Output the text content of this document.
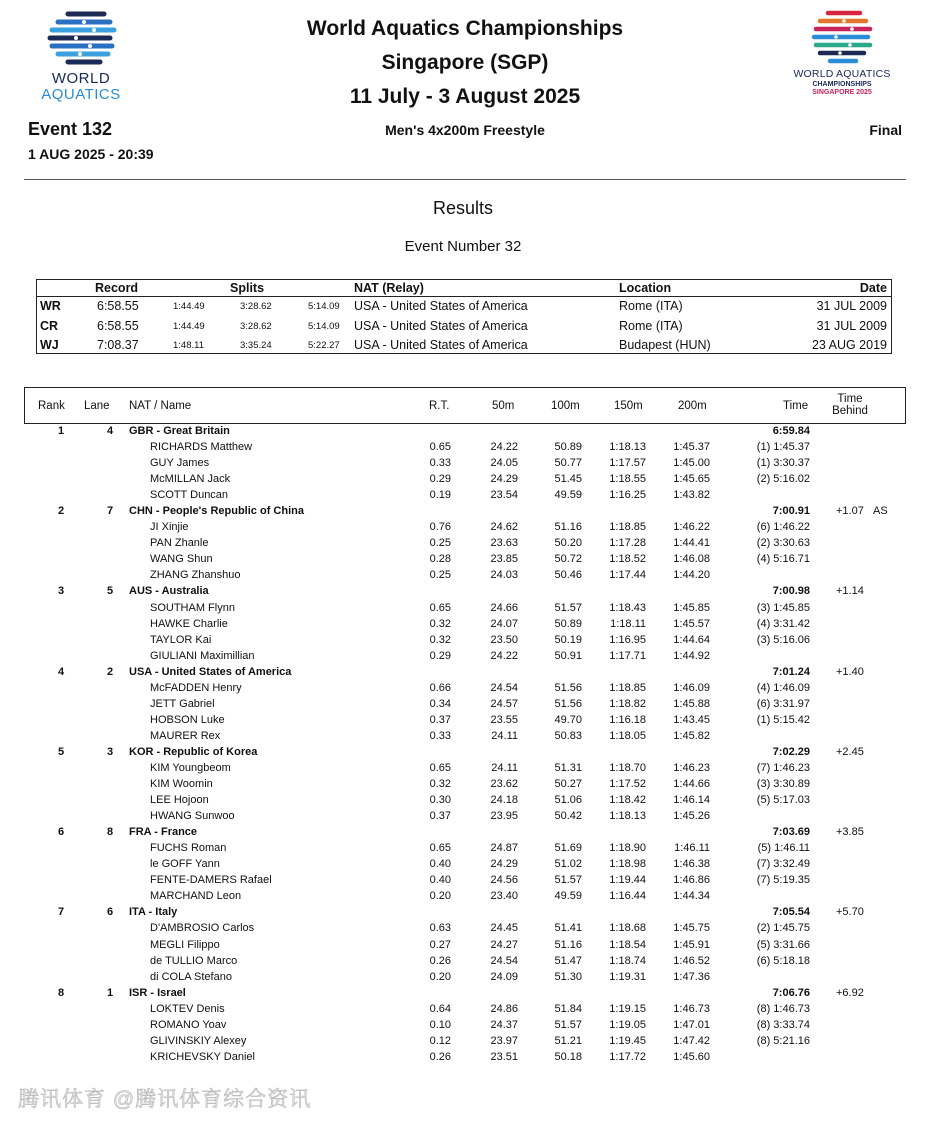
WORLD
AQUATICS
WORLD AQUATICS
CHAMPIONSHIPS
SINGAPORE 2025
World Aquatics Championships
Singapore (SGP)
11 July - 3 August 2025
Event 132
1 AUG 2025 - 20:39
Men's 4x200m Freestyle	Final
Results
Event Number 32
Record	Splits	NAT (Relay)	Location	Date
WR	6:58.55	1:44.49	3:28.62	5:14.09 USA - United States of America	Rome (ITA)	31 JUL 2009
CR	6:58.55	1:44.49	3:28.62	5:14.09 USA - United States of America	Rome (ITA)	31 JUL 2009
WJ	7:08.37	1:48.11	3:35.24	5:22.27 USA - United States of America	Budapest (HUN)	23 AUG 2019
Rank Lane NAT / Name	R.T.	50m	100m	150m	200m	Time
Time
Behind
1	4 GBR - Great Britain	6:59.84
RICHARDS Matthew	0.65	24.22	50.89 1:18.13 1:45.37	(1) 1:45.37
GUY James	0.33	24.05	50.77 1:17.57 1:45.00	(1) 3:30.37
McMILLAN Jack	0.29	24.29	51.45 1:18.55 1:45.65	(2) 5:16.02
SCOTT Duncan	0.19	23.54	49.59 1:16.25 1:43.82
2	7 CHN - People's Republic of China	7:00.91 +1.07 AS
JI Xinjie	0.76	24.62	51.16 1:18.85 1:46.22	(6) 1:46.22
PAN Zhanle	0.25	23.63	50.20 1:17.28 1:44.41	(2) 3:30.63
WANG Shun	0.28	23.85	50.72 1:18.52 1:46.08	(4) 5:16.71
ZHANG Zhanshuo	0.25	24.03	50.46 1:17.44 1:44.20
3	5 AUS - Australia	7:00.98 +1.14
SOUTHAM Flynn	0.65	24.66	51.57 1:18.43 1:45.85	(3) 1:45.85
HAWKE Charlie	0.32	24.07	50.89	1:18.11 1:45.57	(4) 3:31.42
TAYLOR Kai	0.32	23.50	50.19 1:16.95 1:44.64	(3) 5:16.06
GIULIANI Maximillian	0.29	24.22	50.91 1:17.71 1:44.92
4	2 USA - United States of America	7:01.24 +1.40
McFADDEN Henry	0.66	24.54	51.56 1:18.85 1:46.09	(4) 1:46.09
JETT Gabriel	0.34	24.57	51.56 1:18.82 1:45.88	(6) 3:31.97
HOBSON Luke	0.37	23.55	49.70 1:16.18 1:43.45	(1) 5:15.42
MAURER Rex	0.33	24.11	50.83 1:18.05 1:45.82
5	3 KOR - Republic of Korea	7:02.29 +2.45
KIM Youngbeom	0.65	24.11	51.31 1:18.70 1:46.23	(7) 1:46.23
KIM Woomin	0.32	23.62	50.27 1:17.52 1:44.66	(3) 3:30.89
LEE Hojoon	0.30	24.18	51.06 1:18.42 1:46.14	(5) 5:17.03
HWANG Sunwoo	0.37	23.95	50.42 1:18.13 1:45.26
6	8 FRA - France	7:03.69 +3.85
FUCHS Roman	0.65	24.87	51.69 1:18.90	1:46.11	(5) 1:46.11
le GOFF Yann	0.40	24.29	51.02 1:18.98 1:46.38	(7) 3:32.49
FENTE-DAMERS Rafael	0.40	24.56	51.57 1:19.44 1:46.86	(7) 5:19.35
MARCHAND Leon	0.20	23.40	49.59 1:16.44 1:44.34
7	6 ITA - Italy	7:05.54 +5.70
D'AMBROSIO Carlos	0.63	24.45	51.41 1:18.68 1:45.75	(2) 1:45.75
MEGLI Filippo	0.27	24.27	51.16 1:18.54 1:45.91	(5) 3:31.66
de TULLIO Marco	0.26	24.54	51.47 1:18.74 1:46.52	(6) 5:18.18
di COLA Stefano	0.20	24.09	51.30 1:19.31 1:47.36
8	1 ISR - Israel	7:06.76 +6.92
LOKTEV Denis	0.64	24.86	51.84 1:19.15 1:46.73	(8) 1:46.73
ROMANO Yoav	0.10	24.37	51.57 1:19.05 1:47.01	(8) 3:33.74
GLIVINSKIY Alexey	0.12	23.97	51.21 1:19.45 1:47.42	(8) 5:21.16
KRICHEVSKY Daniel	0.26	23.51	50.18 1:17.72 1:45.60
腾讯体育 @腾讯体育综合资讯
